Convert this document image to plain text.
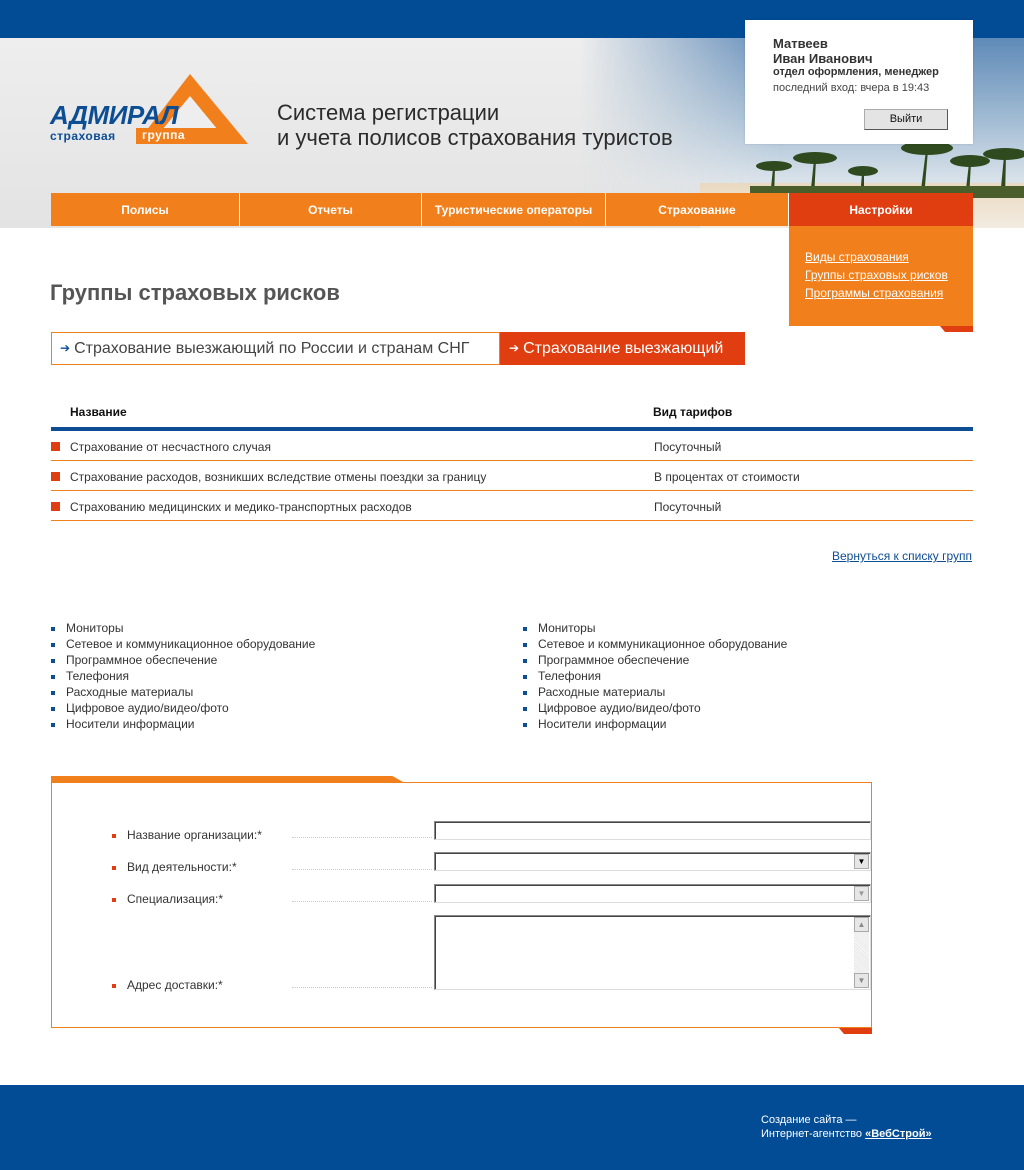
АДМИРАЛ
страховая группа
Система регистрации
и учета полисов страхования туристов
Матвеев
Иван Иванович
отдел оформления, менеджер
последний вход: вчера в 19:43
Выйти
Полисы	Отчеты	Туристические операторы	Страхование	Настройки
Виды страхования
Группы страховых рисков
Программы страхования
Группы страховых рисков
➔ Страхование выезжающий по России и странам СНГ	➔ Страхование выезжающий
Название	Вид тарифов
Страхование от несчастного случая	Посуточный
Страхование расходов, возникших вследствие отмены поездки за границу	В процентах от стоимости
Страхованию медицинских и медико-транспортных расходов	Посуточный
Вернуться к списку групп
Мониторы
Сетевое и коммуникационное оборудование
Программное обеспечение
Телефония
Расходные материалы
Цифровое аудио/видео/фото
Носители информации
Мониторы
Сетевое и коммуникационное оборудование
Программное обеспечение
Телефония
Расходные материалы
Цифровое аудио/видео/фото
Носители информации
Название организации:*
Вид деятельности:*	▼
Специализация:*	▼
Адрес доставки:*
▲
▼
Создание сайта —
Интернет-агентство «ВебСтрой»
